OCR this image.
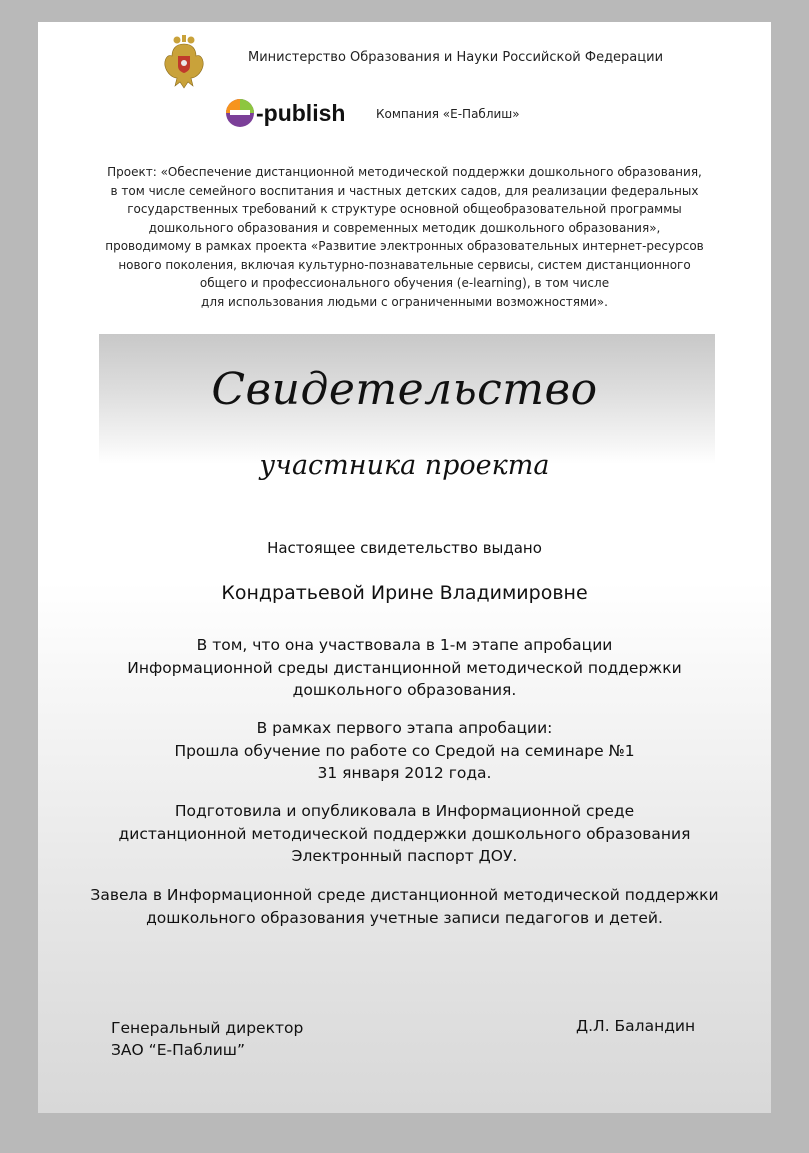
Министерство Образования и Науки Российской Федерации
-publish	Компания «Е-Паблиш»
Проект: «Обеспечение дистанционной методической поддержки дошкольного образования,
в том числе семейного воспитания и частных детских садов, для реализации федеральных
государственных требований к структуре основной общеобразовательной программы
дошкольного образования и современных методик дошкольного образования»,
проводимому в рамках проекта «Развитие электронных образовательных интернет-ресурсов
нового поколения, включая культурно-познавательные сервисы, систем дистанционного
общего и профессионального обучения (e-learning), в том числе
для использования людьми с ограниченными возможностями».
Свидетельство
участника проекта
Настоящее свидетельство выдано
Кондратьевой Ирине Владимировне
В том, что она участвовала в 1-м этапе апробации
Информационной среды дистанционной методической поддержки
дошкольного образования.
В рамках первого этапа апробации:
Прошла обучение по работе со Средой на семинаре №1
31 января 2012 года.
Подготовила и опубликовала в Информационной среде
дистанционной методической поддержки дошкольного образования
Электронный паспорт ДОУ.
Завела в Информационной среде дистанционной методической поддержки
дошкольного образования учетные записи педагогов и детей.
Генеральный директор
ЗАО “Е-Паблиш”
Д.Л. Баландин
